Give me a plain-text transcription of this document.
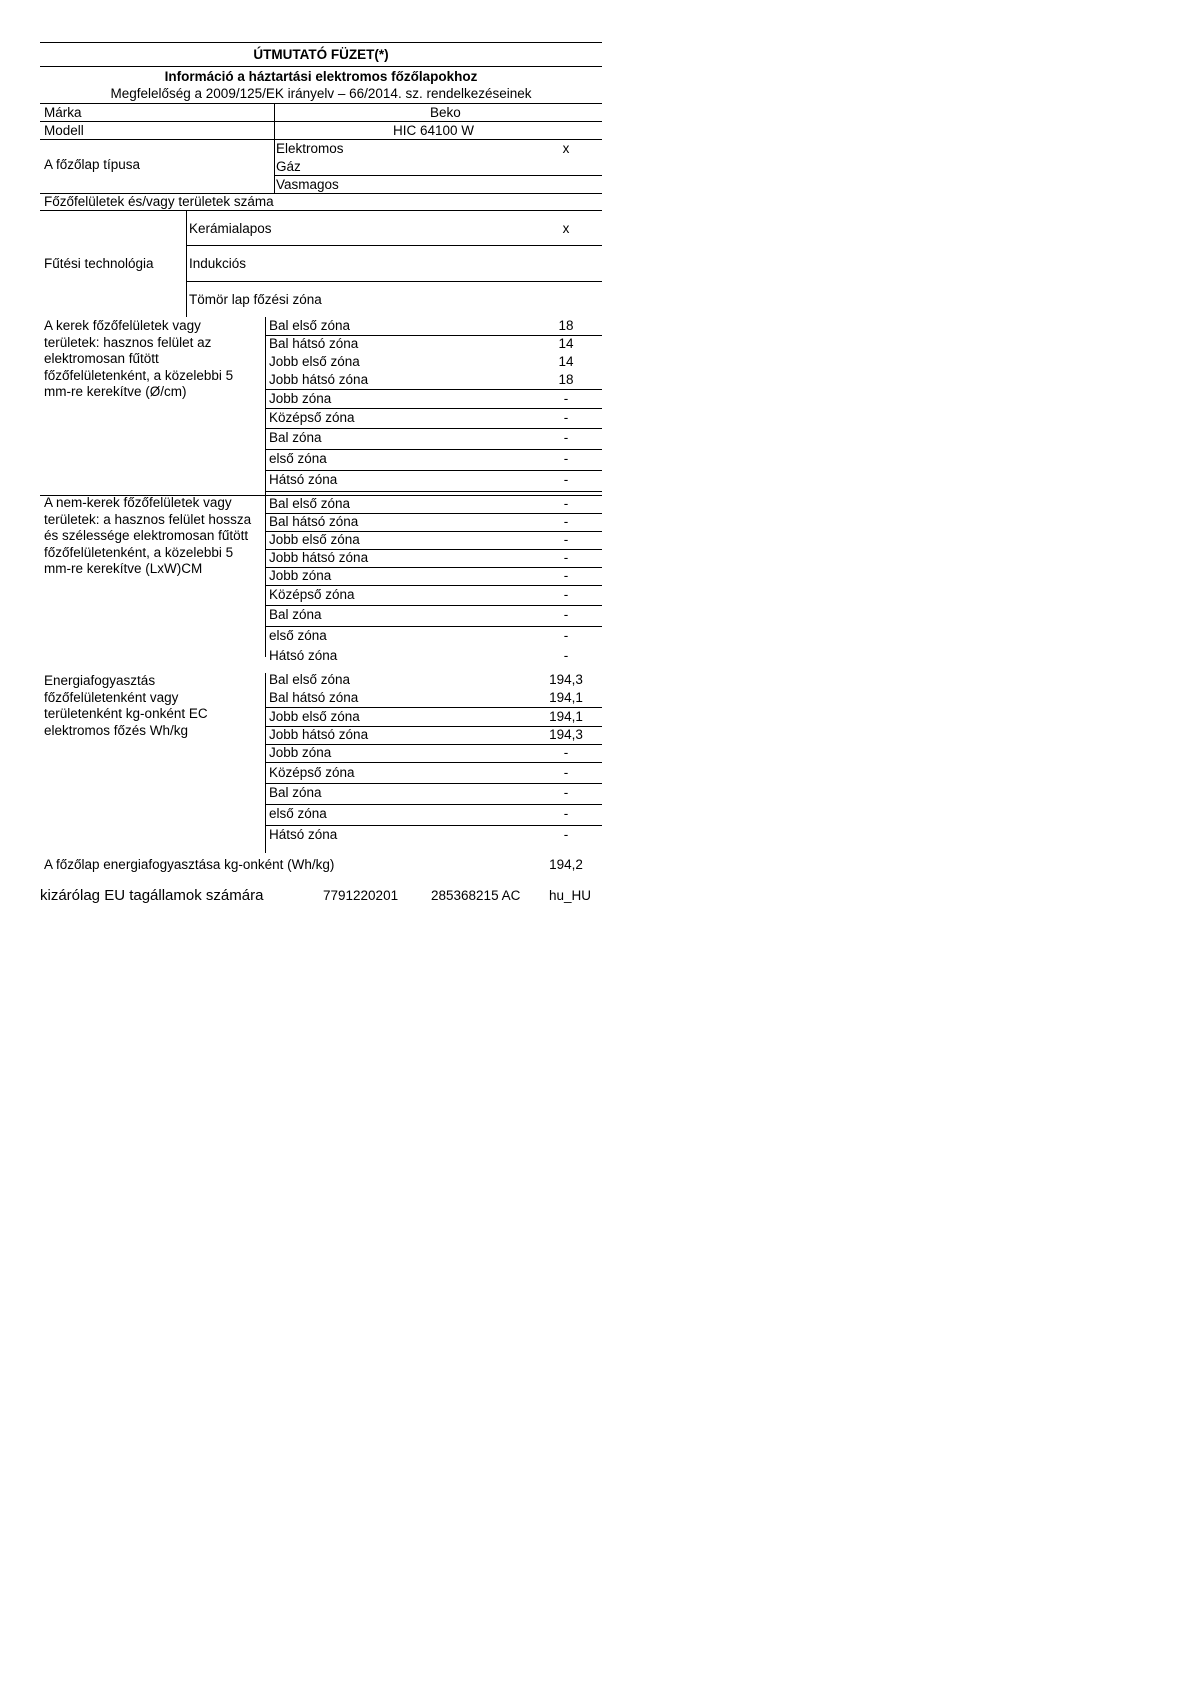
ÚTMUTATÓ FÜZET(*)
Információ a háztartási elektromos főzőlapokhoz
Megfelelőség a 2009/125/EK irányelv – 66/2014. sz. rendelkezéseinek
Márka	Beko
Modell	HIC 64100 W
A főzőlap típusa
Elektromos	x
Gáz
Vasmagos
Főzőfelületek és/vagy területek száma
Fűtési technológia
Kerámialapos	x
Indukciós
Tömör lap főzési zóna
A kerek főzőfelületek vagy területek: hasznos felület az elektromosan fűtött főzőfelületenként, a közelebbi 5 mm-re kerekítve (Ø/cm)
A nem-kerek főzőfelületek vagy területek: a hasznos felület hossza és szélessége elektromosan fűtött főzőfelületenként, a közelebbi 5 mm-re kerekítve (LxW)CM
Energiafogyasztás főzőfelületenként vagy területenként kg-onként EC elektromos főzés Wh/kg
Bal első zóna	18
Bal hátsó zóna	14
Jobb első zóna	14
Jobb hátsó zóna	18
Jobb zóna	-
Középső zóna	-
Bal zóna	-
első zóna	-
Hátsó zóna	-
Bal első zóna	-
Bal hátsó zóna	-
Jobb első zóna	-
Jobb hátsó zóna	-
Jobb zóna	-
Középső zóna	-
Bal zóna	-
első zóna	-
Hátsó zóna	-
Bal első zóna	194,3
Bal hátsó zóna	194,1
Jobb első zóna	194,1
Jobb hátsó zóna	194,3
Jobb zóna	-
Középső zóna	-
Bal zóna	-
első zóna	-
Hátsó zóna	-
A főzőlap energiafogyasztása kg-onként (Wh/kg)	194,2
kizárólag EU tagállamok számára	7791220201 285368215 AC hu_HU
